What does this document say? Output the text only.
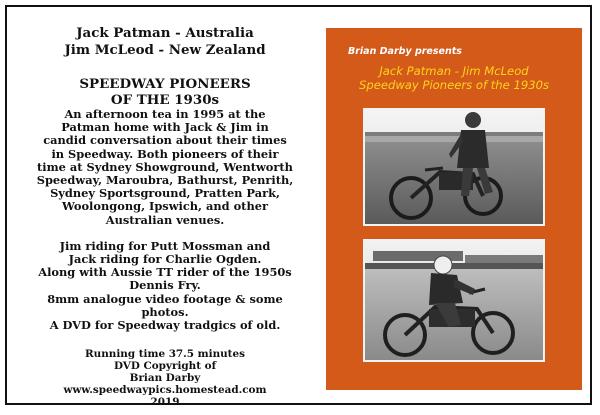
Jack Patman - Australia
Jim McLeod - New Zealand
SPEEDWAY PIONEERS
OF THE 1930s

An afternoon tea in 1995 at the

Patman home with Jack & Jim in

candid conversation about their times

in Speedway. Both pioneers of their

time at Sydney Showground, Wentworth

Speedway, Maroubra, Bathurst, Penrith,

Sydney Sportsground, Pratten Park,

Woolongong, Ipswich, and other

Australian venues.

Jim riding for Putt Mossman and

Jack riding for Charlie Ogden.

Along with Aussie TT rider of the 1950s

Dennis Fry.

8mm analogue video footage & some

photos.

A DVD for Speedway tradgics of old.

Running time 37.5 minutes

DVD Copyright of

Brian Darby

www.speedwaypics.homestead.com

2019

Brian Darby presents
Jack Patman - Jim McLeod
Speedway Pioneers of the 1930s
